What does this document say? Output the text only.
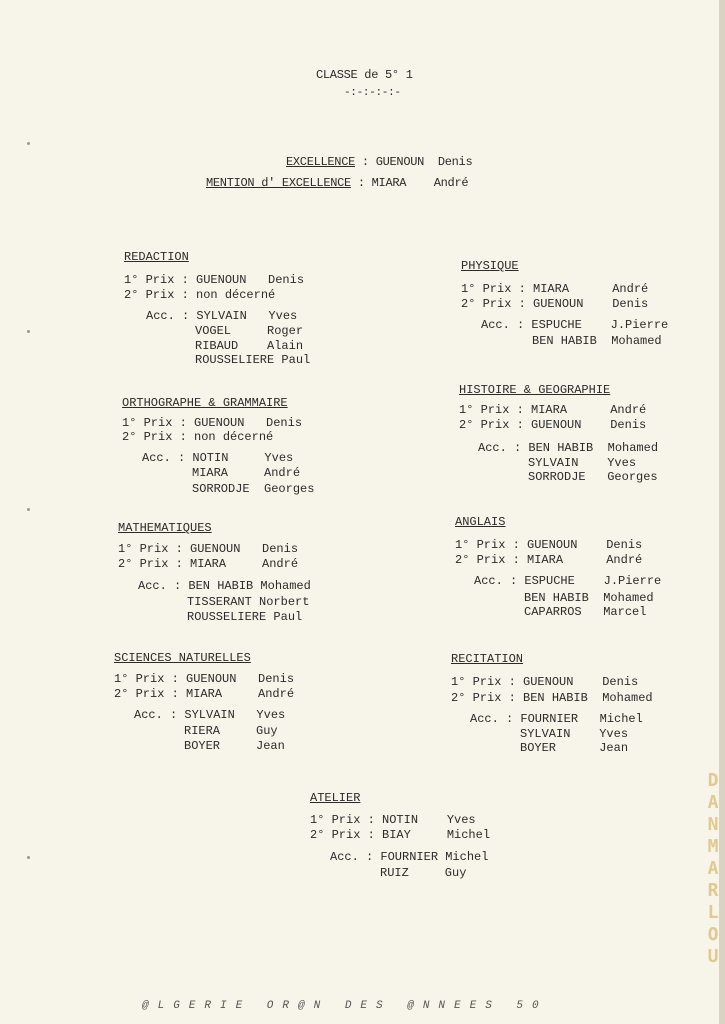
CLASSE de 5° 1
-:-:-:-:-
EXCELLENCE : GUENOUN  Denis
MENTION d' EXCELLENCE : MIARA    André
REDACTION
1° Prix : GUENOUN   Denis
2° Prix : non décerné
Acc. : SYLVAIN   Yves
VOGEL     Roger
RIBAUD    Alain
ROUSSELIERE Paul
PHYSIQUE
1° Prix : MIARA      André
2° Prix : GUENOUN    Denis
Acc. : ESPUCHE    J.Pierre
BEN HABIB  Mohamed
ORTHOGRAPHE & GRAMMAIRE
1° Prix : GUENOUN   Denis
2° Prix : non décerné
Acc. : NOTIN     Yves
MIARA     André
SORRODJE  Georges
HISTOIRE & GEOGRAPHIE
1° Prix : MIARA      André
2° Prix : GUENOUN    Denis
Acc. : BEN HABIB  Mohamed
SYLVAIN    Yves
SORRODJE   Georges
MATHEMATIQUES
1° Prix : GUENOUN   Denis
2° Prix : MIARA     André
Acc. : BEN HABIB Mohamed
TISSERANT Norbert
ROUSSELIERE Paul
ANGLAIS
1° Prix : GUENOUN    Denis
2° Prix : MIARA      André
Acc. : ESPUCHE    J.Pierre
BEN HABIB  Mohamed
CAPARROS   Marcel
SCIENCES NATURELLES
1° Prix : GUENOUN   Denis
2° Prix : MIARA     André
Acc. : SYLVAIN   Yves
RIERA     Guy
BOYER     Jean
RECITATION
1° Prix : GUENOUN    Denis
2° Prix : BEN HABIB  Mohamed
Acc. : FOURNIER   Michel
SYLVAIN    Yves
BOYER      Jean
ATELIER
1° Prix : NOTIN    Yves
2° Prix : BIAY     Michel
Acc. : FOURNIER Michel
RUIZ     Guy
DANMARLOU
@LGERIE OR@N DES @NNEES 50
